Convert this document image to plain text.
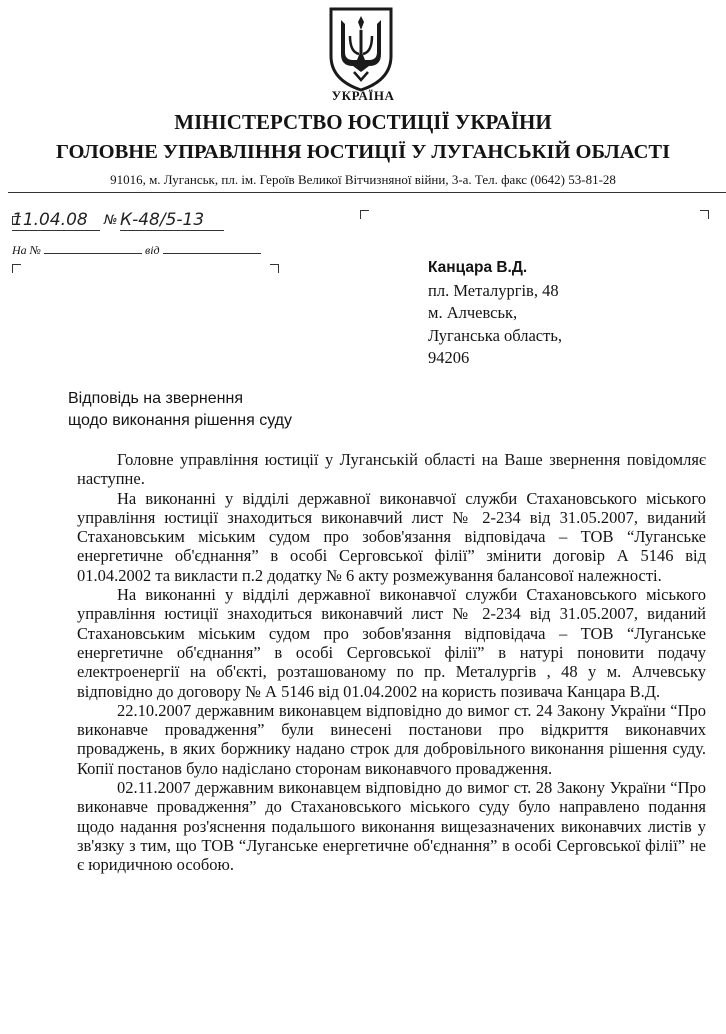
УКРАЇНА
МІНІСТЕРСТВО ЮСТИЦІЇ УКРАЇНИ
ГОЛОВНЕ УПРАВЛІННЯ ЮСТИЦІЇ У ЛУГАНСЬКІЙ ОБЛАСТІ
91016, м. Луганськ, пл. ім. Героїв Великої Вітчизняної війни, 3-а. Тел. факс (0642) 53-81-28
11.04.08 № К-48/5-13
На №	від
Канцара В.Д.
пл. Металургів, 48
м. Алчевськ,
Луганська область,
94206
Відповідь на звернення
щодо виконання рішення суду

Головне управління юстиції у Луганській області на Ваше звернення повідомляє наступне.

На виконанні у відділі державної виконавчої служби Стахановського міського управління юстиції знаходиться виконавчий лист № 2-234 від 31.05.2007, виданий Стахановським міським судом про зобов'язання відповідача – ТОВ “Луганське енергетичне об'єднання” в особі Серговської філії” змінити договір А 5146 від 01.04.2002 та викласти п.2 додатку № 6 акту розмежування балансової належності.

На виконанні у відділі державної виконавчої служби Стахановського міського управління юстиції знаходиться виконавчий лист № 2-234 від 31.05.2007, виданий Стахановським міським судом про зобов'язання відповідача – ТОВ “Луганське енергетичне об'єднання” в особі Серговської філії” в натурі поновити подачу електроенергії на об'єкті, розташованому по пр. Металургів , 48 у м. Алчевську відповідно до договору № А 5146 від 01.04.2002 на користь позивача Канцара В.Д.

22.10.2007 державним виконавцем відповідно до вимог ст. 24 Закону України “Про виконавче провадження” були винесені постанови про відкриття виконавчих проваджень, в яких боржнику надано строк для добровільного виконання рішення суду. Копії постанов було надіслано сторонам виконавчого провадження.

02.11.2007 державним виконавцем відповідно до вимог ст. 28 Закону України “Про виконавче провадження” до Стахановського міського суду було направлено подання щодо надання роз'яснення подальшого виконання вищезазначених виконавчих листів у зв'язку з тим, що ТОВ “Луганське енергетичне об'єднання” в особі Серговської філії” не є юридичною особою.
